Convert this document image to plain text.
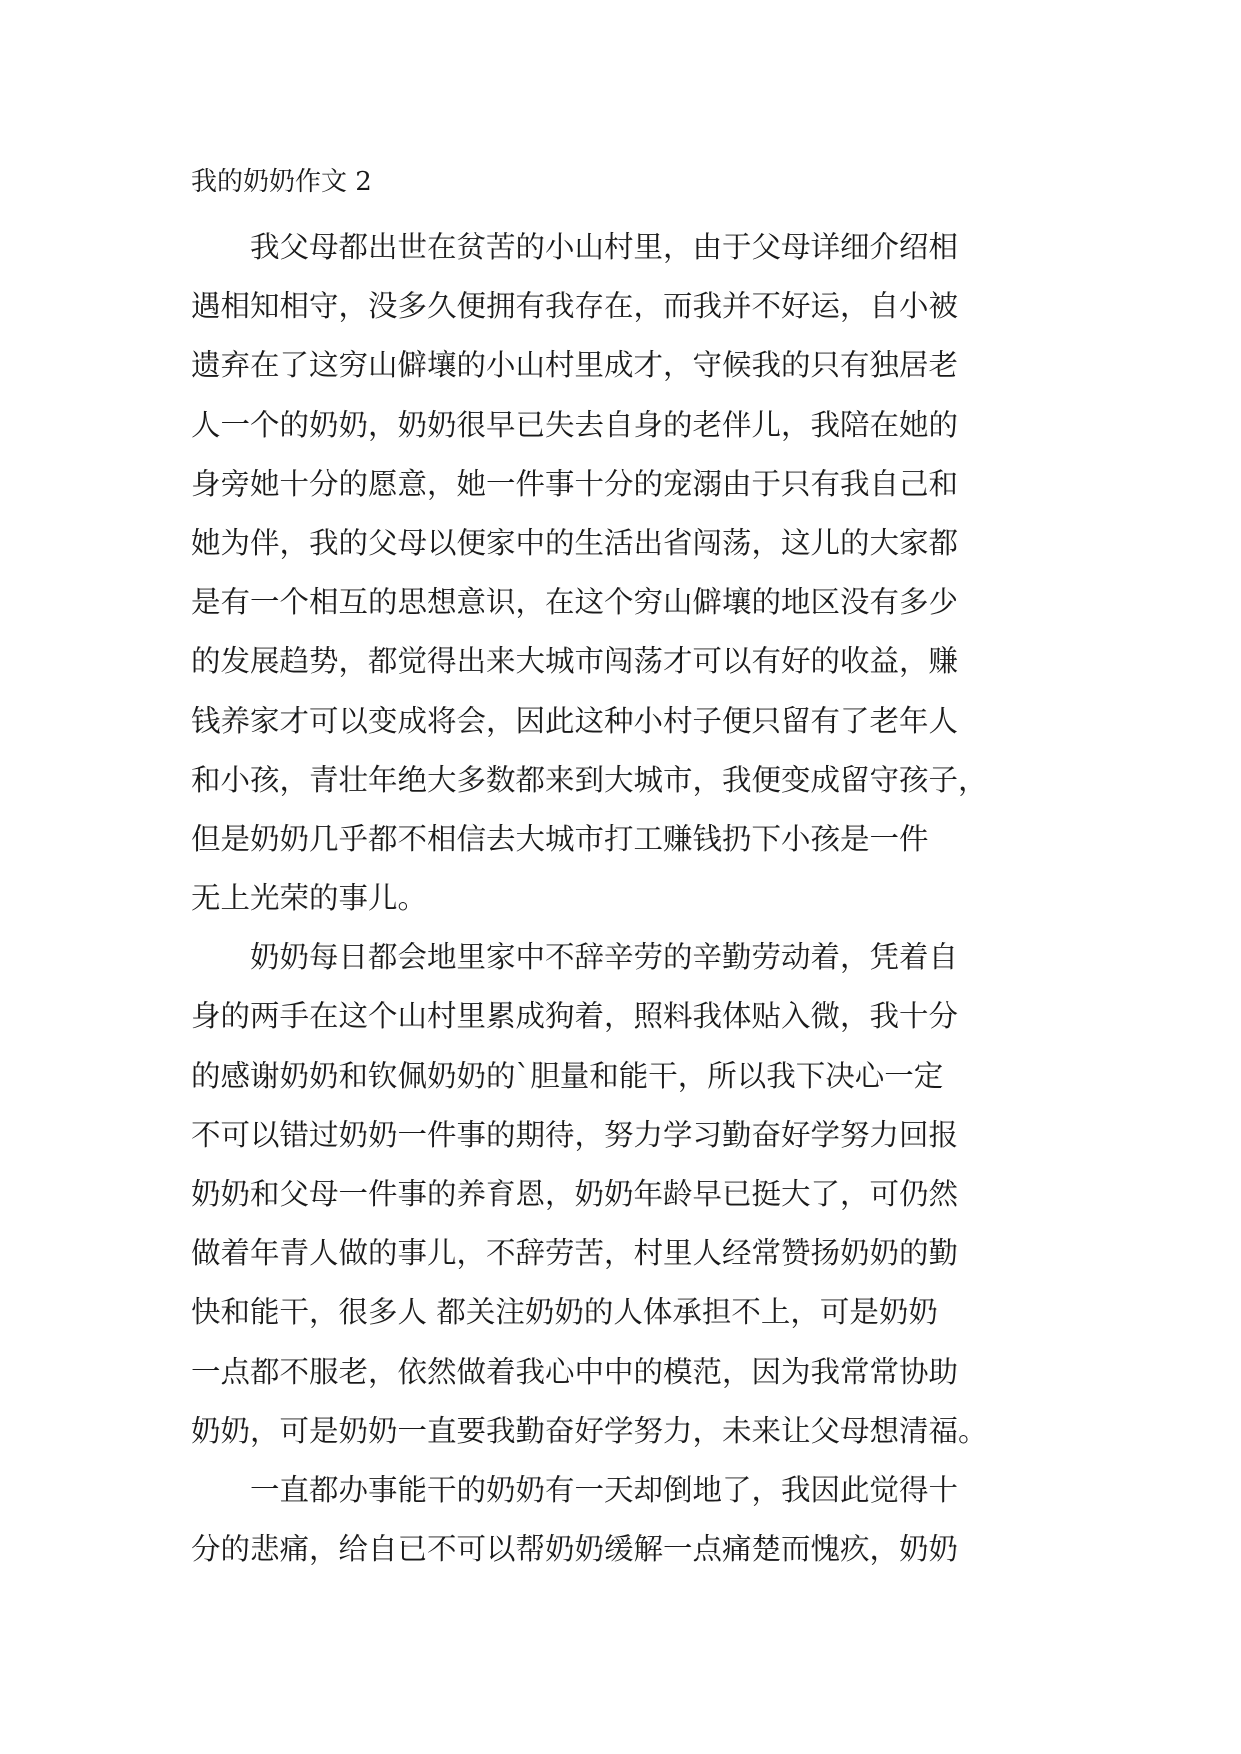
我的奶奶作文 2
　　我父母都出世在贫苦的小山村里，由于父母详细介绍相
遇相知相守，没多久便拥有我存在，而我并不好运，自小被
遗弃在了这穷山僻壤的小山村里成才，守候我的只有独居老
人一个的奶奶，奶奶很早已失去自身的老伴儿，我陪在她的
身旁她十分的愿意，她一件事十分的宠溺由于只有我自己和
她为伴，我的父母以便家中的生活出省闯荡，这儿的大家都
是有一个相互的思想意识，在这个穷山僻壤的地区没有多少
的发展趋势，都觉得出来大城市闯荡才可以有好的收益，赚
钱养家才可以变成将会，因此这种小村子便只留有了老年人
和小孩，青壮年绝大多数都来到大城市，我便变成留守孩子，
但是奶奶几乎都不相信去大城市打工赚钱扔下小孩是一件
无上光荣的事儿。
　　奶奶每日都会地里家中不辞辛劳的辛勤劳动着，凭着自
身的两手在这个山村里累成狗着，照料我体贴入微，我十分
的感谢奶奶和钦佩奶奶的`胆量和能干，所以我下决心一定
不可以错过奶奶一件事的期待，努力学习勤奋好学努力回报
奶奶和父母一件事的养育恩，奶奶年龄早已挺大了，可仍然
做着年青人做的事儿，不辞劳苦，村里人经常赞扬奶奶的勤
快和能干，很多人 都关注奶奶的人体承担不上，可是奶奶
一点都不服老，依然做着我心中中的模范，因为我常常协助
奶奶，可是奶奶一直要我勤奋好学努力，未来让父母想清福。
　　一直都办事能干的奶奶有一天却倒地了，我因此觉得十
分的悲痛，给自已不可以帮奶奶缓解一点痛楚而愧疚，奶奶
